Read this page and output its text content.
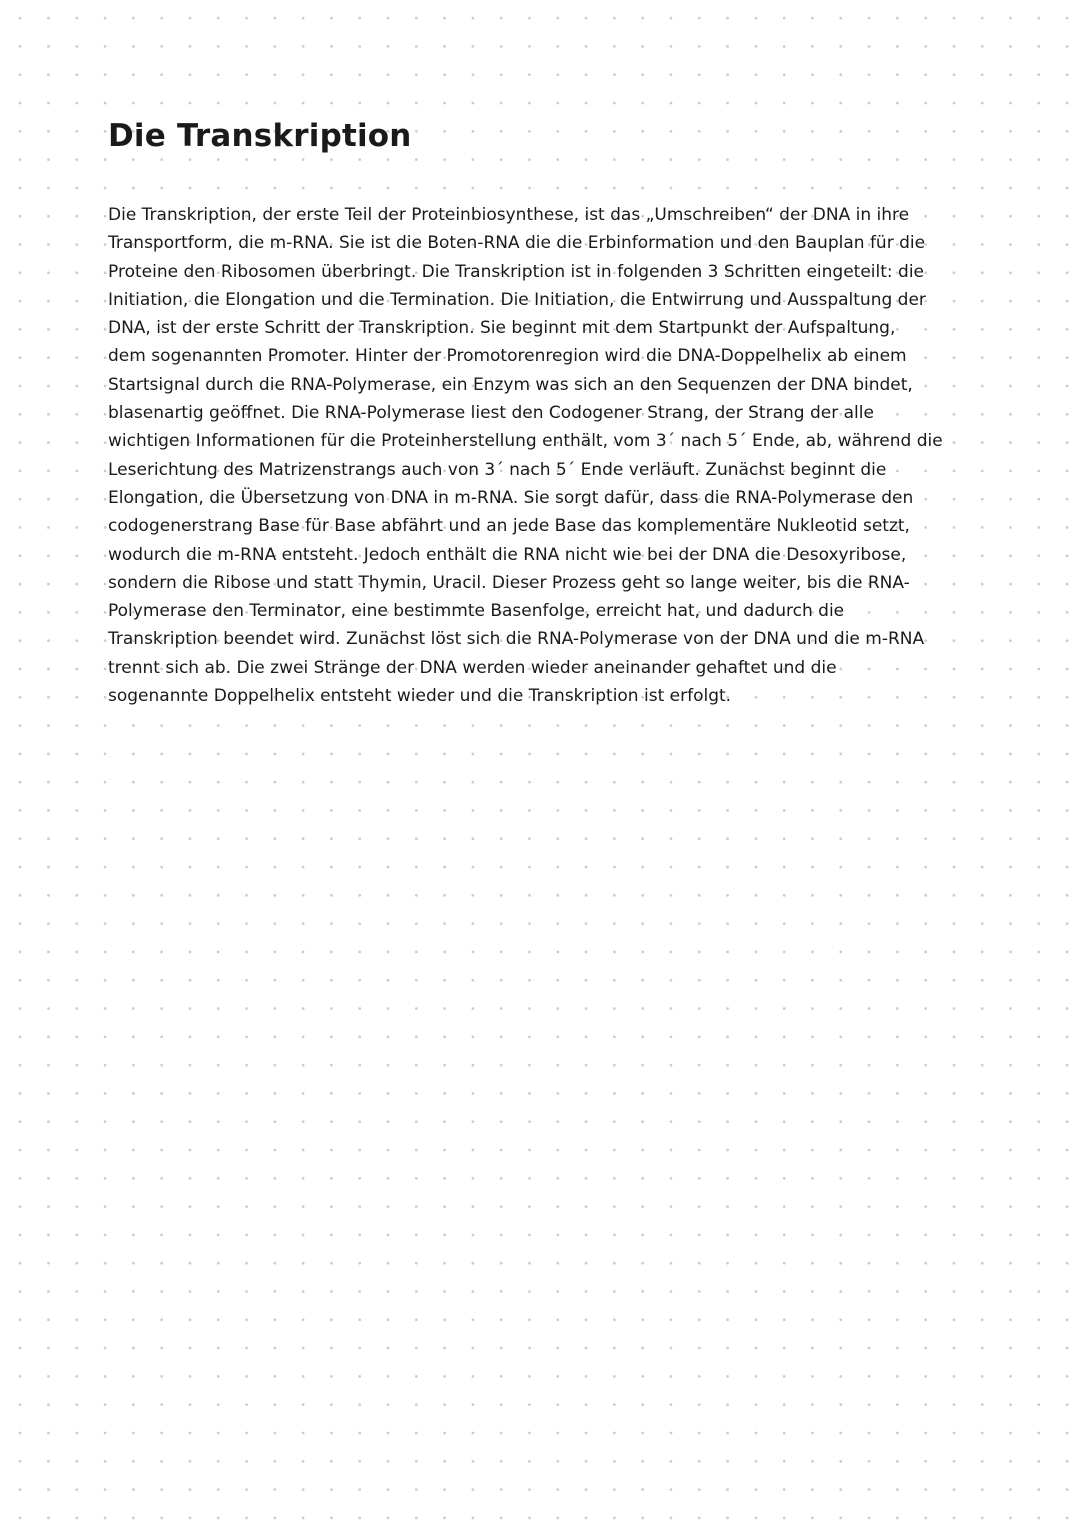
Die Transkription

Die Transkription, der erste Teil der Proteinbiosynthese, ist das „Umschreiben“ der DNA in ihre
Transportform, die m-RNA. Sie ist die Boten-RNA die die Erbinformation und den Bauplan für die
Proteine den Ribosomen überbringt. Die Transkription ist in folgenden 3 Schritten eingeteilt: die
Initiation, die Elongation und die Termination. Die Initiation, die Entwirrung und Ausspaltung der
DNA, ist der erste Schritt der Transkription. Sie beginnt mit dem Startpunkt der Aufspaltung,
dem sogenannten Promoter. Hinter der Promotorenregion wird die DNA-Doppelhelix ab einem
Startsignal durch die RNA-Polymerase, ein Enzym was sich an den Sequenzen der DNA bindet,
blasenartig geöffnet. Die RNA-Polymerase liest den Codogener Strang, der Strang der alle
wichtigen Informationen für die Proteinherstellung enthält, vom 3´ nach 5´ Ende, ab, während die
Leserichtung des Matrizenstrangs auch von 3´ nach 5´ Ende verläuft. Zunächst beginnt die
Elongation, die Übersetzung von DNA in m-RNA. Sie sorgt dafür, dass die RNA-Polymerase den
codogenerstrang Base für Base abfährt und an jede Base das komplementäre Nukleotid setzt,
wodurch die m-RNA entsteht. Jedoch enthält die RNA nicht wie bei der DNA die Desoxyribose,
sondern die Ribose und statt Thymin, Uracil. Dieser Prozess geht so lange weiter, bis die RNA-
Polymerase den Terminator, eine bestimmte Basenfolge, erreicht hat, und dadurch die
Transkription beendet wird. Zunächst löst sich die RNA-Polymerase von der DNA und die m-RNA
trennt sich ab. Die zwei Stränge der DNA werden wieder aneinander gehaftet und die
sogenannte Doppelhelix entsteht wieder und die Transkription ist erfolgt.
